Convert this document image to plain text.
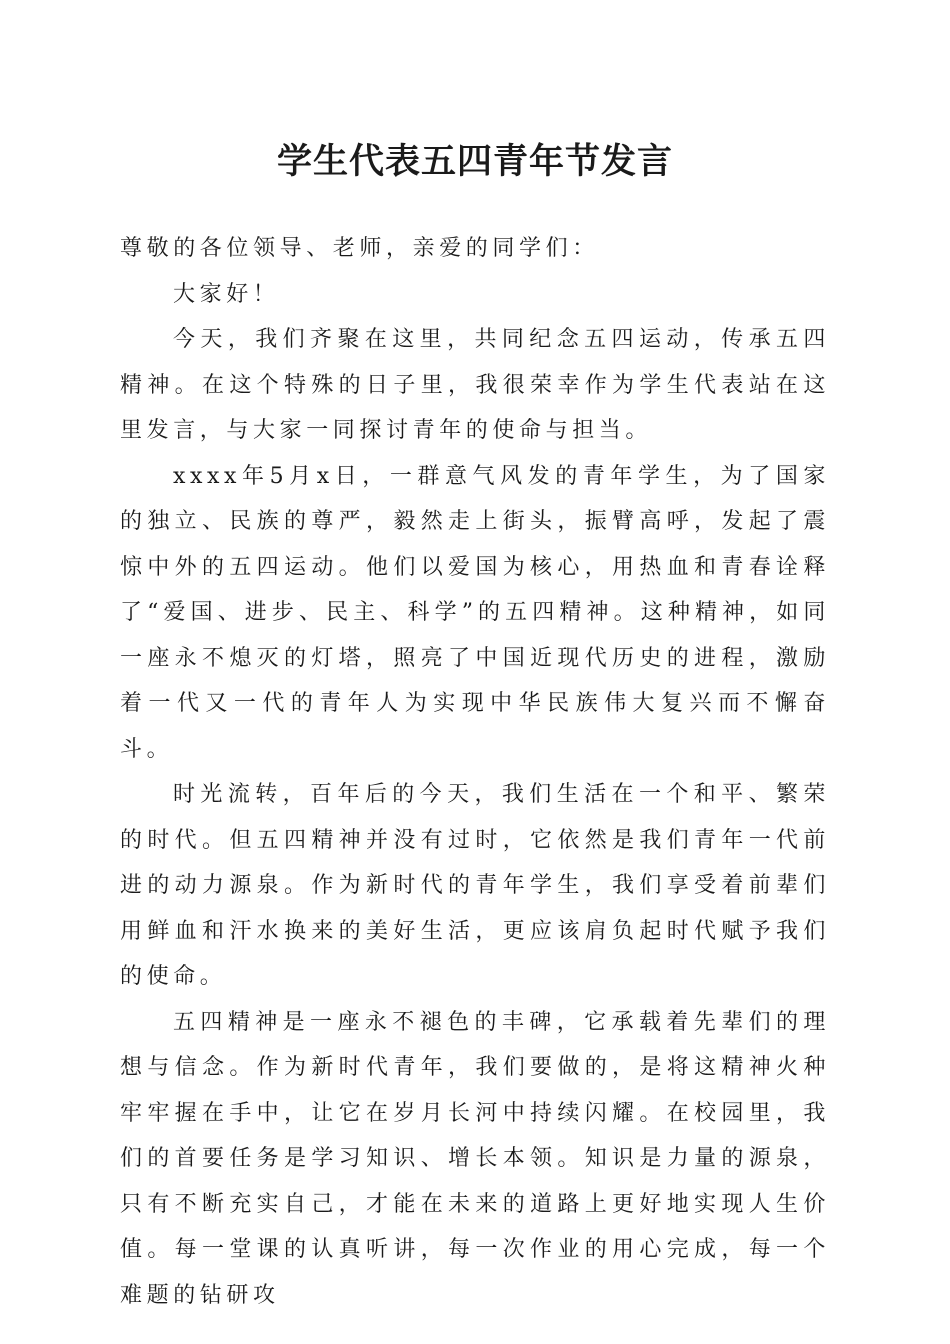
学生代表五四青年节发言

尊敬的各位领导、老师，亲爱的同学们：

大家好！

今天，我们齐聚在这里，共同纪念五四运动，传承五四精神。在这个特殊的日子里，我很荣幸作为学生代表站在这里发言，与大家一同探讨青年的使命与担当。

xxxx年5月x日，一群意气风发的青年学生，为了国家的独立、民族的尊严，毅然走上街头，振臂高呼，发起了震惊中外的五四运动。他们以爱国为核心，用热血和青春诠释了“爱国、进步、民主、科学”的五四精神。这种精神，如同一座永不熄灭的灯塔，照亮了中国近现代历史的进程，激励着一代又一代的青年人为实现中华民族伟大复兴而不懈奋斗。

时光流转，百年后的今天，我们生活在一个和平、繁荣的时代。但五四精神并没有过时，它依然是我们青年一代前进的动力源泉。作为新时代的青年学生，我们享受着前辈们用鲜血和汗水换来的美好生活，更应该肩负起时代赋予我们的使命。

五四精神是一座永不褪色的丰碑，它承载着先辈们的理想与信念。作为新时代青年，我们要做的，是将这精神火种牢牢握在手中，让它在岁月长河中持续闪耀。在校园里，我们的首要任务是学习知识、增长本领。知识是力量的源泉，只有不断充实自己，才能在未来的道路上更好地实现人生价值。每一堂课的认真听讲，每一次作业的用心完成，每一个难题的钻研攻
